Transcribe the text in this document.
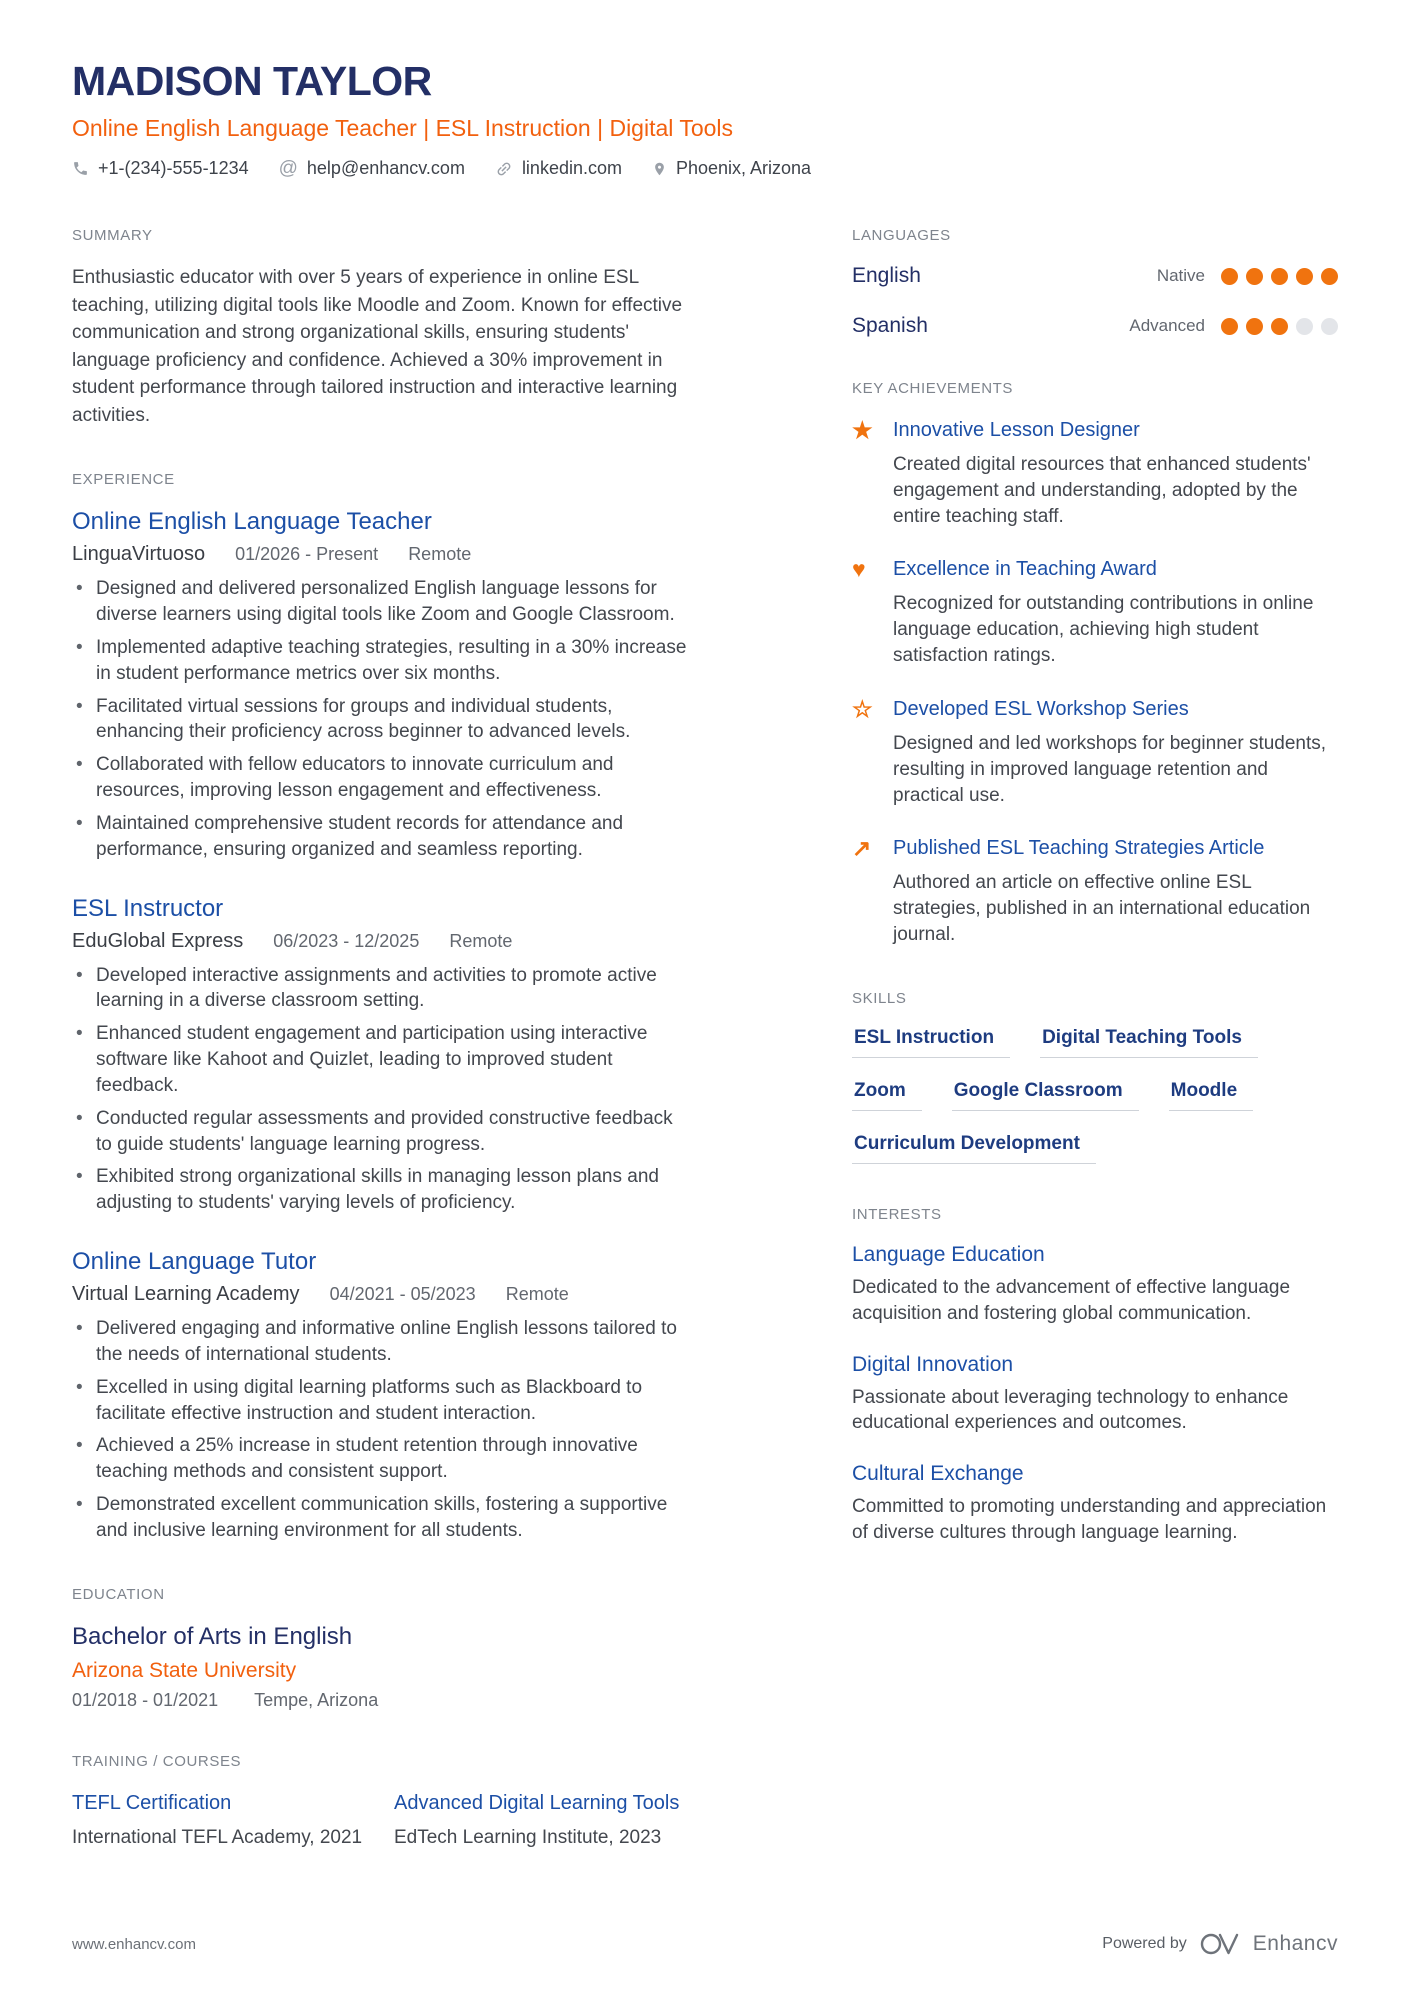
MADISON TAYLOR
Online English Language Teacher | ESL Instruction | Digital Tools
+1-(234)-555-1234 @ help@enhancv.com	linkedin.com	Phoenix, Arizona
SUMMARY

Enthusiastic educator with over 5 years of experience in online ESL teaching, utilizing digital tools like Moodle and Zoom. Known for effective communication and strong organizational skills, ensuring students' language proficiency and confidence. Achieved a 30% improvement in student performance through tailored instruction and interactive learning activities.

EXPERIENCE
Online English Language Teacher
LinguaVirtuoso 01/2026 - Present Remote
• Designed and delivered personalized English language lessons for diverse learners using digital tools like Zoom and Google Classroom.
• Implemented adaptive teaching strategies, resulting in a 30% increase in student performance metrics over six months.
• Facilitated virtual sessions for groups and individual students, enhancing their proficiency across beginner to advanced levels.
• Collaborated with fellow educators to innovate curriculum and resources, improving lesson engagement and effectiveness.
• Maintained comprehensive student records for attendance and performance, ensuring organized and seamless reporting.
ESL Instructor
EduGlobal Express 06/2023 - 12/2025 Remote
• Developed interactive assignments and activities to promote active learning in a diverse classroom setting.
• Enhanced student engagement and participation using interactive software like Kahoot and Quizlet, leading to improved student feedback.
• Conducted regular assessments and provided constructive feedback to guide students' language learning progress.
• Exhibited strong organizational skills in managing lesson plans and adjusting to students' varying levels of proficiency.
Online Language Tutor
Virtual Learning Academy 04/2021 - 05/2023 Remote
• Delivered engaging and informative online English lessons tailored to the needs of international students.
• Excelled in using digital learning platforms such as Blackboard to facilitate effective instruction and student interaction.
• Achieved a 25% increase in student retention through innovative teaching methods and consistent support.
• Demonstrated excellent communication skills, fostering a supportive and inclusive learning environment for all students.
EDUCATION
Bachelor of Arts in English
Arizona State University
01/2018 - 01/2021 Tempe, Arizona
TRAINING / COURSES
TEFL Certification

International TEFL Academy, 2021

Advanced Digital Learning Tools

EdTech Learning Institute, 2023

LANGUAGES
English	Native
Spanish	Advanced
KEY ACHIEVEMENTS
★	Innovative Lesson Designer

Created digital resources that enhanced students' engagement and understanding, adopted by the entire teaching staff.

♥	Excellence in Teaching Award

Recognized for outstanding contributions in online language education, achieving high student satisfaction ratings.

☆	Developed ESL Workshop Series

Designed and led workshops for beginner students, resulting in improved language retention and practical use.

↗	Published ESL Teaching Strategies Article

Authored an article on effective online ESL strategies, published in an international education journal.

SKILLS
ESL Instruction	Digital Teaching Tools
Zoom	Google Classroom	Moodle
Curriculum Development
INTERESTS
Language Education

Dedicated to the advancement of effective language acquisition and fostering global communication.

Digital Innovation

Passionate about leveraging technology to enhance educational experiences and outcomes.

Cultural Exchange

Committed to promoting understanding and appreciation of diverse cultures through language learning.

www.enhancv.com	Powered by	Enhancv
